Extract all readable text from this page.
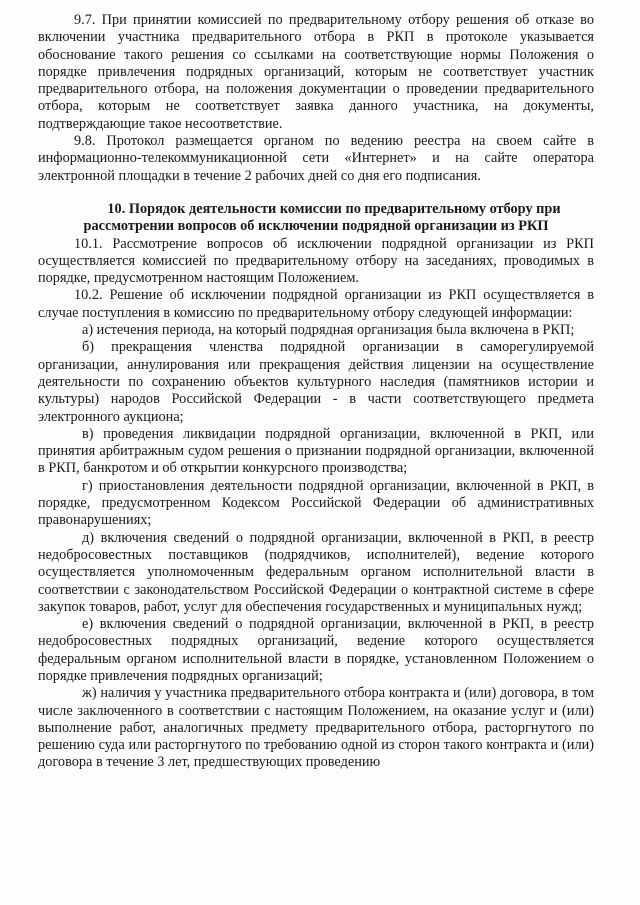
9.7. При принятии комиссией по предварительному отбору решения об отказе во включении участника предварительного отбора в РКП в протоколе указывается обоснование такого решения со ссылками на соответствующие нормы Положения о порядке привлечения подрядных организаций, которым не соответствует участник предварительного отбора, на положения документации о проведении предварительного отбора, которым не соответствует заявка данного участника, на документы, подтверждающие такое несоответствие.

9.8. Протокол размещается органом по ведению реестра на своем сайте в информационно-телекоммуникационной сети «Интернет» и на сайте оператора электронной площадки в течение 2 рабочих дней со дня его подписания.

10. Порядок деятельности комиссии по предварительному отбору при рассмотрении вопросов об исключении подрядной организации из РКП

10.1. Рассмотрение вопросов об исключении подрядной организации из РКП осуществляется комиссией по предварительному отбору на заседаниях, проводимых в порядке, предусмотренном настоящим Положением.

10.2. Решение об исключении подрядной организации из РКП осуществляется в случае поступления в комиссию по предварительному отбору следующей информации:

а) истечения периода, на который подрядная организация была включена в РКП;

б) прекращения членства подрядной организации в саморегулируемой организации, аннулирования или прекращения действия лицензии на осуществление деятельности по сохранению объектов культурного наследия (памятников истории и культуры) народов Российской Федерации - в части соответствующего предмета электронного аукциона;

в) проведения ликвидации подрядной организации, включенной в РКП, или принятия арбитражным судом решения о признании подрядной организации, включенной в РКП, банкротом и об открытии конкурсного производства;

г) приостановления деятельности подрядной организации, включенной в РКП, в порядке, предусмотренном Кодексом Российской Федерации об административных правонарушениях;

д) включения сведений о подрядной организации, включенной в РКП, в реестр недобросовестных поставщиков (подрядчиков, исполнителей), ведение которого осуществляется уполномоченным федеральным органом исполнительной власти в соответствии с законодательством Российской Федерации о контрактной системе в сфере закупок товаров, работ, услуг для обеспечения государственных и муниципальных нужд;

е) включения сведений о подрядной организации, включенной в РКП, в реестр недобросовестных подрядных организаций, ведение которого осуществляется федеральным органом исполнительной власти в порядке, установленном Положением о порядке привлечения подрядных организаций;

ж) наличия у участника предварительного отбора контракта и (или) договора, в том числе заключенного в соответствии с настоящим Положением, на оказание услуг и (или) выполнение работ, аналогичных предмету предварительного отбора, расторгнутого по решению суда или расторгнутого по требованию одной из сторон такого контракта и (или) договора в течение 3 лет, предшествующих проведению
